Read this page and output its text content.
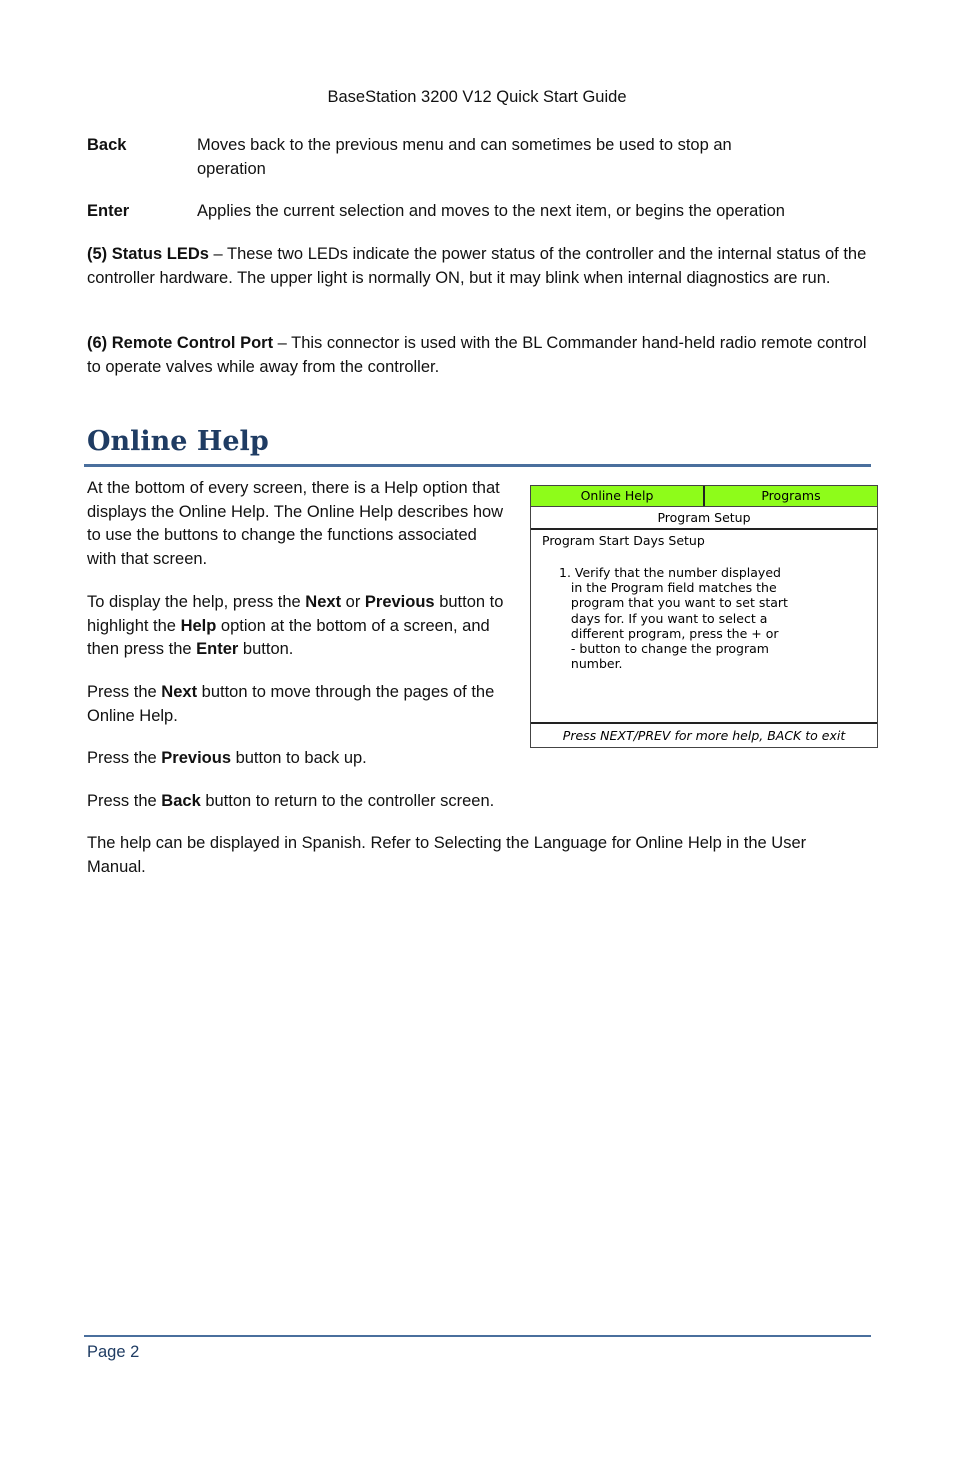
BaseStation 3200 V12 Quick Start Guide
Back	Moves back to the previous menu and can sometimes be used to stop an operation
Enter	Applies the current selection and moves to the next item, or begins the operation
(5) Status LEDs – These two LEDs indicate the power status of the controller and the internal status of the controller hardware. The upper light is normally ON, but it may blink when internal diagnostics are run.
(6) Remote Control Port – This connector is used with the BL Commander hand-held radio remote control to operate valves while away from the controller.
Online Help
At the bottom of every screen, there is a Help option that displays the Online Help. The Online Help describes how to use the buttons to change the functions associated with that screen.
To display the help, press the Next or Previous button to highlight the Help option at the bottom of a screen, and then press the Enter button.
Press the Next button to move through the pages of the Online Help.
Press the Previous button to back up.
Press the Back button to return to the controller screen.
The help can be displayed in Spanish. Refer to Selecting the Language for Online Help in the User Manual.
Online Help	Programs
Program Setup
Program Start Days Setup
1. Verify that the number displayed
in the Program field matches the
program that you want to set start
days for. If you want to select a
different program, press the + or
- button to change the program
number.
Press NEXT/PREV for more help, BACK to exit
Page 2
